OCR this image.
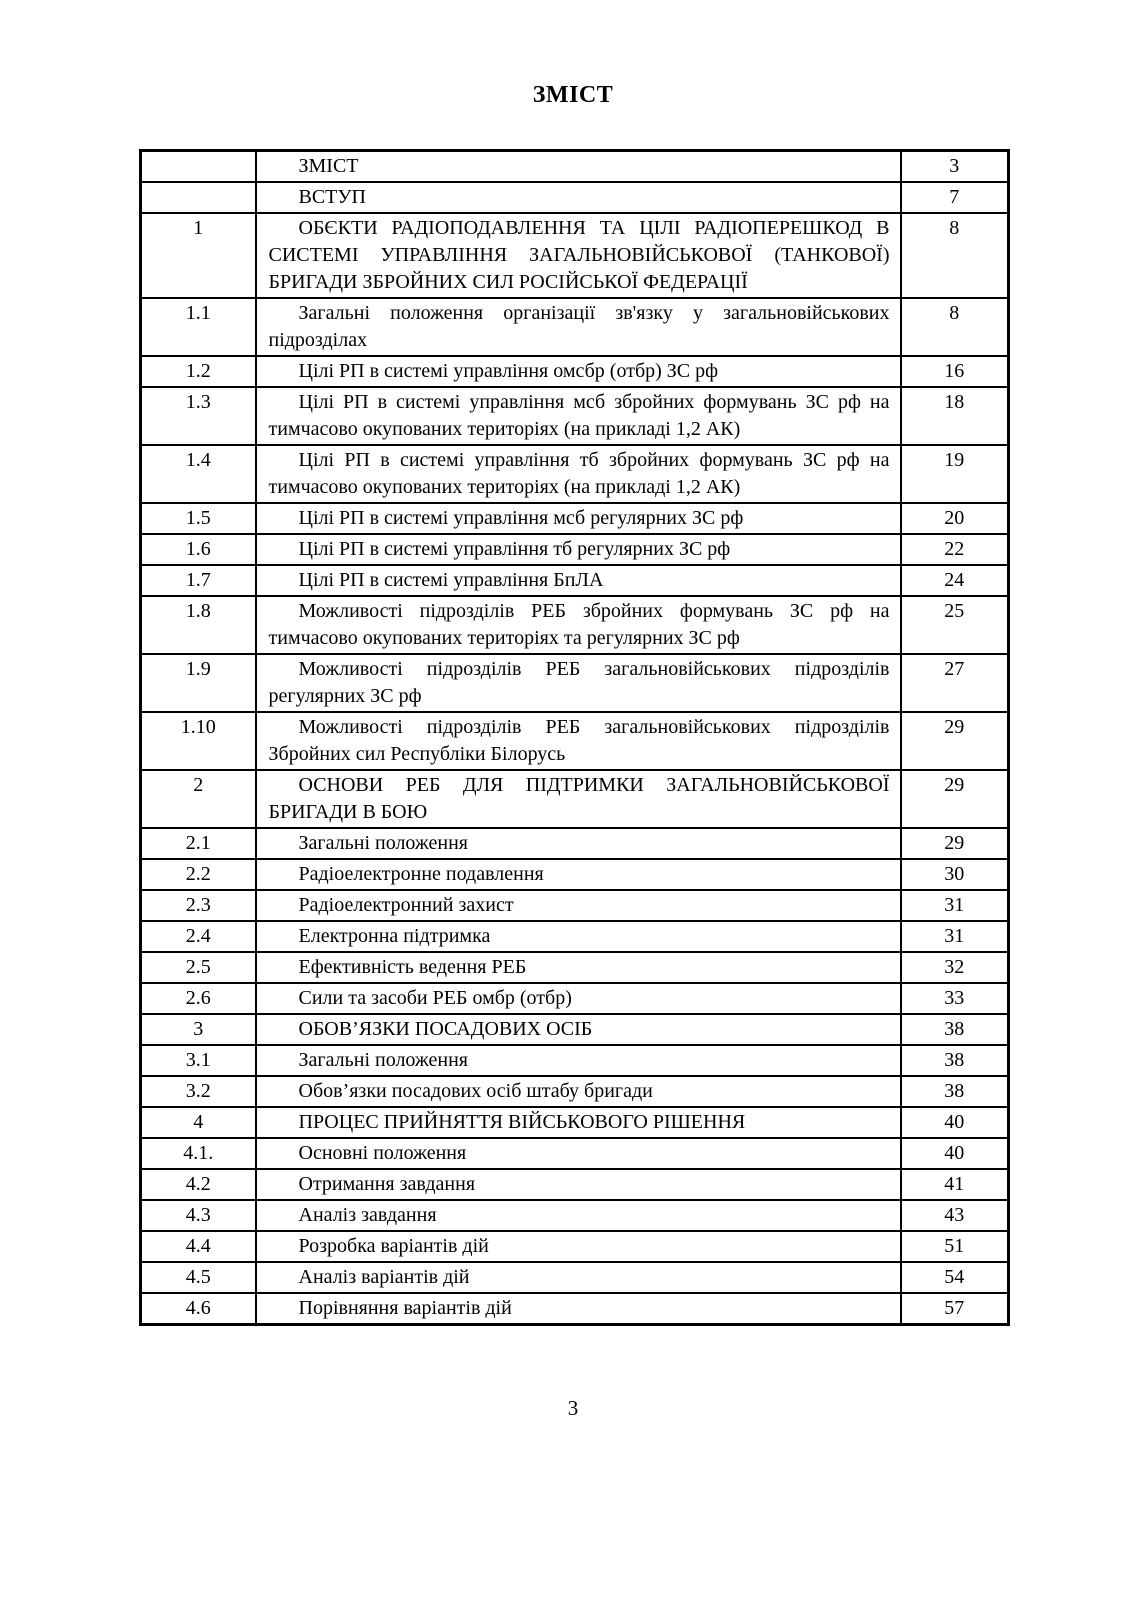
ЗМІСТ
	ЗМІСТ	3
	ВСТУП	7
1	ОБЄКТИ РАДІОПОДАВЛЕННЯ ТА ЦІЛІ РАДІОПЕРЕШКОД В СИСТЕМІ УПРАВЛІННЯ ЗАГАЛЬНОВІЙСЬКОВОЇ (ТАНКОВОЇ) БРИГАДИ ЗБРОЙНИХ СИЛ РОСІЙСЬКОЇ ФЕДЕРАЦІЇ	8
1.1	Загальні положення організації зв'язку у загальновійськових підрозділах	8
1.2	Цілі РП в системі управління омсбр (отбр) ЗС рф	16
1.3	Цілі РП в системі управління мсб збройних формувань ЗС рф на тимчасово окупованих територіях (на прикладі 1,2 АК)	18
1.4	Цілі РП в системі управління тб збройних формувань ЗС рф на тимчасово окупованих територіях (на прикладі 1,2 АК)	19
1.5	Цілі РП в системі управління мсб регулярних ЗС рф	20
1.6	Цілі РП в системі управління тб регулярних ЗС рф	22
1.7	Цілі РП в системі управління БпЛА	24
1.8	Можливості підрозділів РЕБ збройних формувань ЗС рф на тимчасово окупованих територіях та регулярних ЗС рф	25
1.9	Можливості підрозділів РЕБ загальновійськових підрозділів регулярних ЗС рф	27
1.10	Можливості підрозділів РЕБ загальновійськових підрозділів Збройних сил Республіки Білорусь	29
2	ОСНОВИ РЕБ ДЛЯ ПІДТРИМКИ ЗАГАЛЬНОВІЙСЬКОВОЇ БРИГАДИ В БОЮ	29
2.1	Загальні положення	29
2.2	Радіоелектронне подавлення	30
2.3	Радіоелектронний захист	31
2.4	Електронна підтримка	31
2.5	Ефективність ведення РЕБ	32
2.6	Сили та засоби РЕБ омбр (отбр)	33
3	ОБОВ’ЯЗКИ ПОСАДОВИХ ОСІБ	38
3.1	Загальні положення	38
3.2	Обов’язки посадових осіб штабу бригади	38
4	ПРОЦЕС ПРИЙНЯТТЯ ВІЙСЬКОВОГО РІШЕННЯ	40
4.1.	Основні положення	40
4.2	Отримання завдання	41
4.3	Аналіз завдання	43
4.4	Розробка варіантів дій	51
4.5	Аналіз варіантів дій	54
4.6	Порівняння варіантів дій	57
3
